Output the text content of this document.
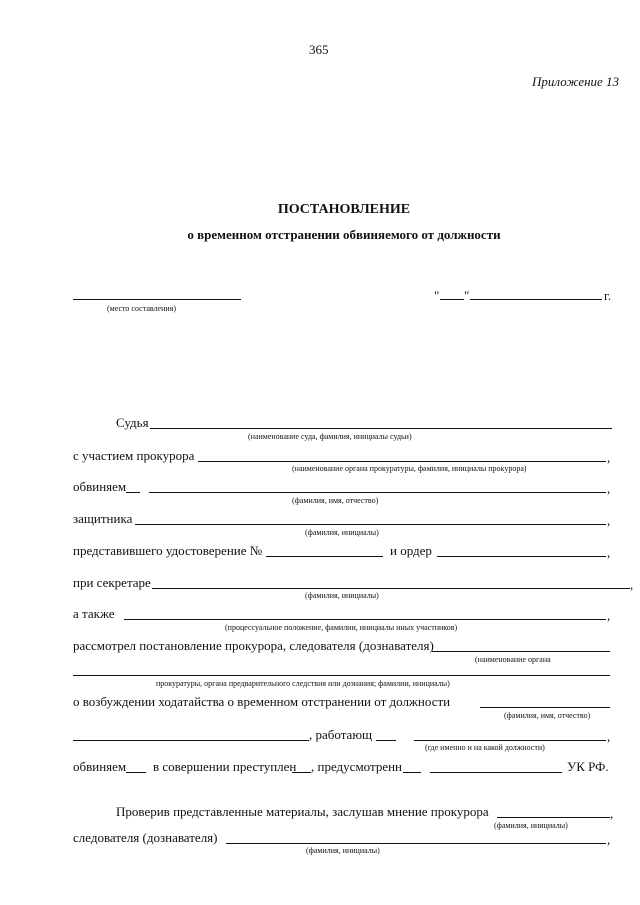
365
Приложение 13
ПОСТАНОВЛЕНИЕ
о временном отстранении обвиняемого от должности
(место составления)
" "	г.
Судья
(наименование суда, фамилия, инициалы судьи)
с участием прокурора	,
(наименование органа прокуратуры, фамилия, инициалы прокурора)
обвиняем	,
(фамилия, имя, отчество)
защитника	,
(фамилия, инициалы)
представившего удостоверение №	и ордер	,
при секретаре	,
(фамилия, инициалы)
а также	,
(процессуальное положение, фамилии, инициалы иных участников)
рассмотрел постановление прокурора, следователя (дознавателя)
(наименование органа
прокуратуры, органа предварительного следствия или дознания; фамилии, инициалы)
о возбуждении ходатайства о временном отстранении от должности
(фамилия, имя, отчество)
, работающ	,
(где именно и на какой должности)
обвиняем в совершении преступлен , предусмотренн	УК РФ.
Проверив представленные материалы, заслушав мнение прокурора	,
(фамилия, инициалы)
следователя (дознавателя)	,
(фамилия, инициалы)
